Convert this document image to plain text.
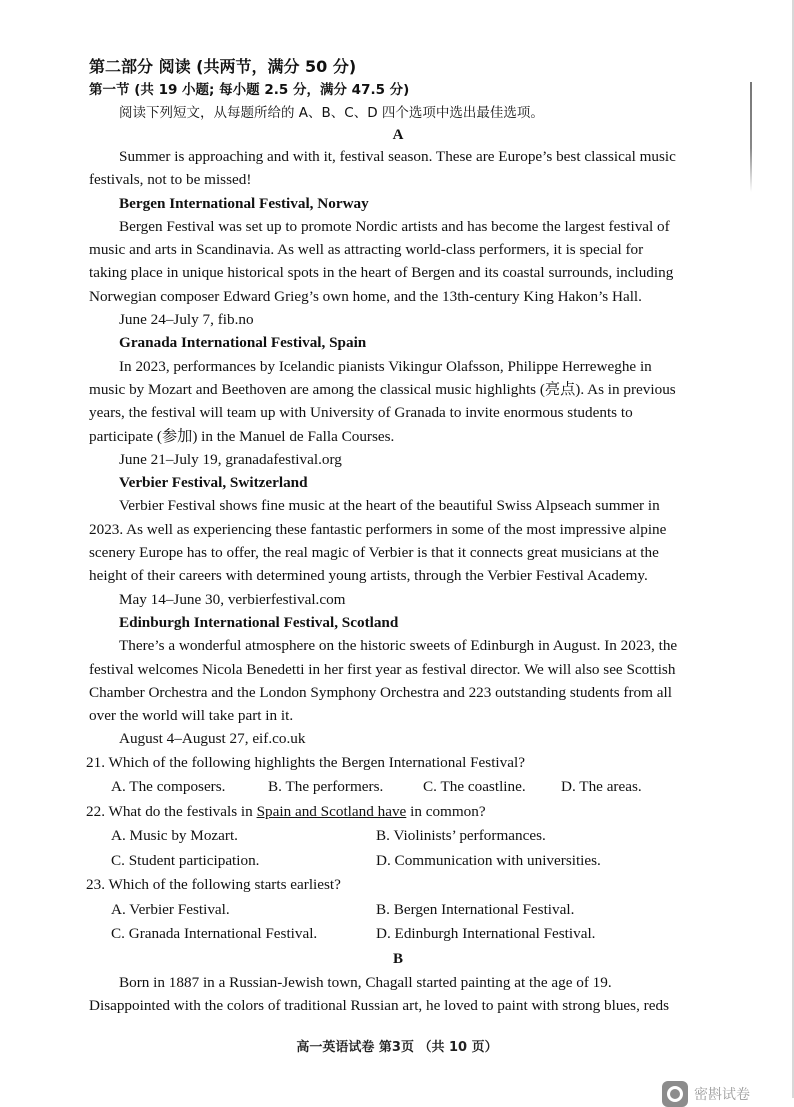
第二部分 阅读 (共两节，满分 50 分)
第一节 (共 19 小题; 每小题 2.5 分，满分 47.5 分)
阅读下列短文，从每题所给的 A、B、C、D 四个选项中选出最佳选项。
A
Summer is approaching and with it, festival season. These are Europe’s best classical music
festivals, not to be missed!
Bergen International Festival, Norway
Bergen Festival was set up to promote Nordic artists and has become the largest festival of
music and arts in Scandinavia. As well as attracting world-class performers, it is special for
taking place in unique historical spots in the heart of Bergen and its coastal surrounds, including
Norwegian composer Edward Grieg’s own home, and the 13th-century King Hakon’s Hall.
June 24–July 7, fib.no
Granada International Festival, Spain
In 2023, performances by Icelandic pianists Vikingur Olafsson, Philippe Herreweghe in
music by Mozart and Beethoven are among the classical music highlights (亮点). As in previous
years, the festival will team up with University of Granada to invite enormous students to
participate (参加) in the Manuel de Falla Courses.
June 21–July 19, granadafestival.org
Verbier Festival, Switzerland
Verbier Festival shows fine music at the heart of the beautiful Swiss Alpseach summer in
2023. As well as experiencing these fantastic performers in some of the most impressive alpine
scenery Europe has to offer, the real magic of Verbier is that it connects great musicians at the
height of their careers with determined young artists, through the Verbier Festival Academy.
May 14–June 30, verbierfestival.com
Edinburgh International Festival, Scotland
There’s a wonderful atmosphere on the historic sweets of Edinburgh in August. In 2023, the
festival welcomes Nicola Benedetti in her first year as festival director. We will also see Scottish
Chamber Orchestra and the London Symphony Orchestra and 223 outstanding students from all
over the world will take part in it.
August 4–August 27, eif.co.uk
21. Which of the following highlights the Bergen International Festival?
A. The composers.	B. The performers.	C. The coastline.	D. The areas.
22. What do the festivals in Spain and Scotland have in common?
A. Music by Mozart.	B. Violinists’ performances.
C. Student participation.	D. Communication with universities.
23. Which of the following starts earliest?
A. Verbier Festival.	B. Bergen International Festival.
C. Granada International Festival.	D. Edinburgh International Festival.
B
Born in 1887 in a Russian-Jewish town, Chagall started painting at the age of 19.
Disappointed with the colors of traditional Russian art, he loved to paint with strong blues, reds
高一英语试卷 第3页 （共 10 页）
密斟试卷
